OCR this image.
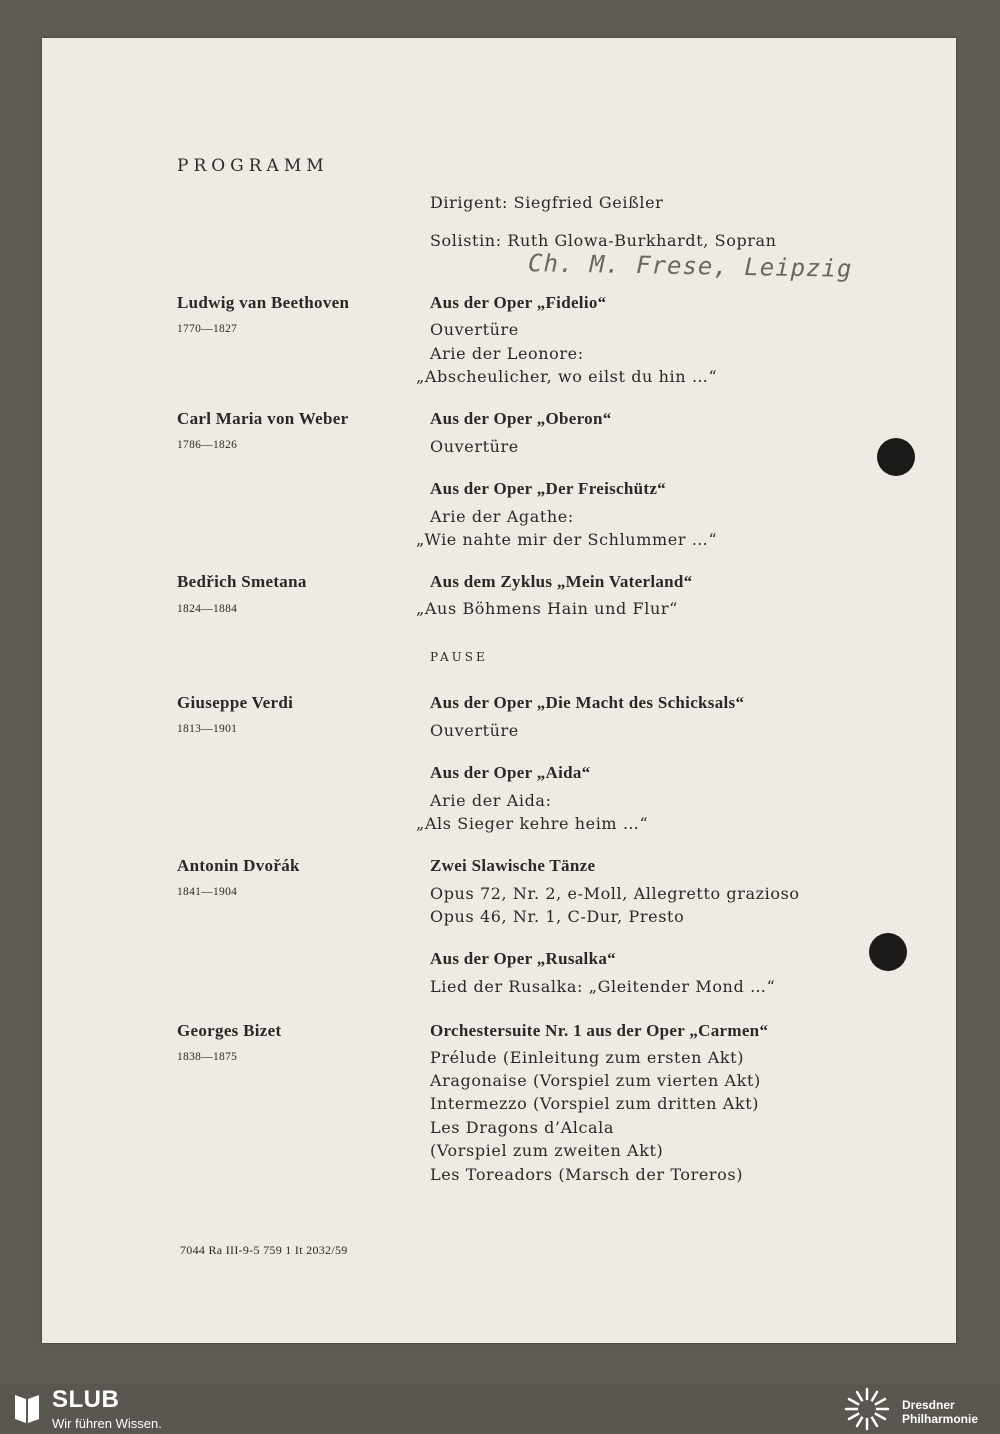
PROGRAMM
Dirigent: Siegfried Geißler
Solistin: Ruth Glowa-Burkhardt, Sopran
Ch. M. Frese, Leipzig
Ludwig van Beethoven
1770—1827
Carl Maria von Weber
1786—1826
Bedřich Smetana
1824—1884
Giuseppe Verdi
1813—1901
Antonin Dvořák
1841—1904
Georges Bizet
1838—1875
Aus der Oper „Fidelio“
Ouvertüre
Arie der Leonore:
„Abscheulicher, wo eilst du hin …“
Aus der Oper „Oberon“
Ouvertüre
Aus der Oper „Der Freischütz“
Arie der Agathe:
„Wie nahte mir der Schlummer …“
Aus dem Zyklus „Mein Vaterland“
„Aus Böhmens Hain und Flur“
PAUSE
Aus der Oper „Die Macht des Schicksals“
Ouvertüre
Aus der Oper „Aida“
Arie der Aida:
„Als Sieger kehre heim …“
Zwei Slawische Tänze
Opus 72, Nr. 2, e-Moll, Allegretto grazioso
Opus 46, Nr. 1, C-Dur, Presto
Aus der Oper „Rusalka“
Lied der Rusalka: „Gleitender Mond …“
Orchestersuite Nr. 1 aus der Oper „Carmen“
Prélude (Einleitung zum ersten Akt)
Aragonaise (Vorspiel zum vierten Akt)
Intermezzo (Vorspiel zum dritten Akt)
Les Dragons d’Alcala
(Vorspiel zum zweiten Akt)
Les Toreadors (Marsch der Toreros)
7044 Ra III-9-5 759 1 It 2032/59
SLUB
Wir führen Wissen.
Dresdner
Philharmonie
